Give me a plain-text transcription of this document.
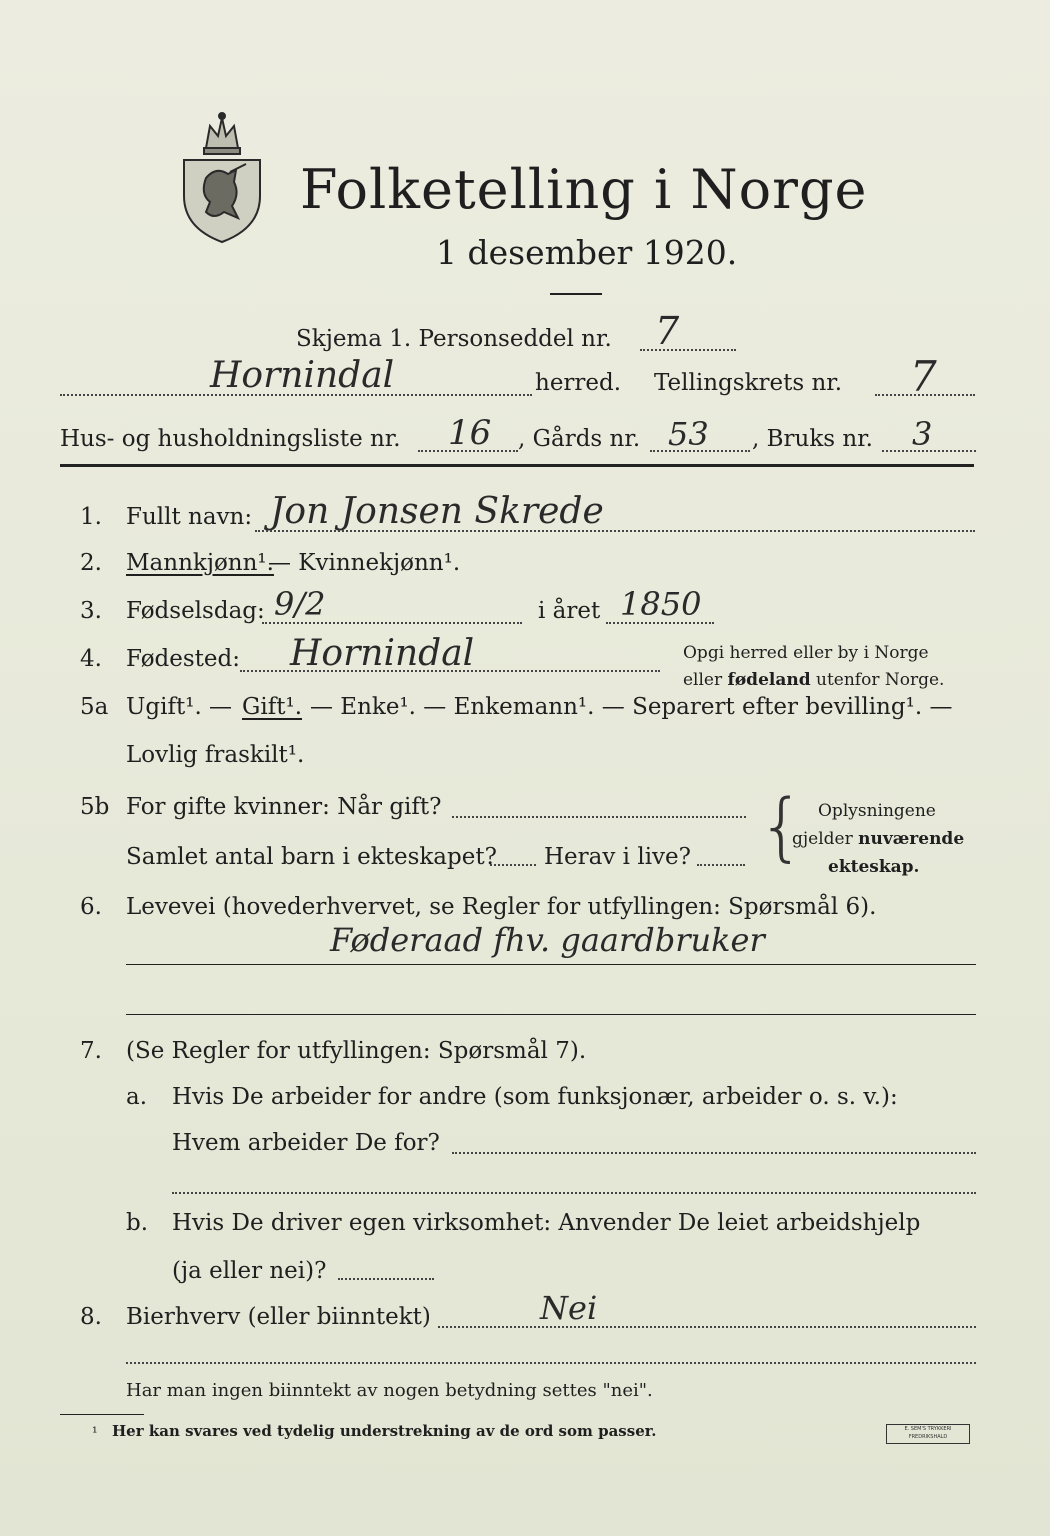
Folketelling i Norge
1 desember 1920.
Skjema 1. Personseddel nr. 7
Hornindal	herred. Tellingskrets nr. 7
Hus- og husholdningsliste nr. 16 , Gårds nr. 53 , Bruks nr. 3
1. Fullt navn: Jon Jonsen Skrede
2. Mannkjønn¹.
— Kvinnekjønn¹.
3. Fødselsdag: 9/2	i året 1850
4. Fødested: Hornindal	Opgi herred eller by i Norge
eller fødeland utenfor Norge.
5a Ugift¹. — Gift¹. — Enke¹. — Enkemann¹. — Separert efter bevilling¹. —
Lovlig fraskilt¹.
5b For gifte kvinner: Når gift?
Samlet antal barn i ekteskapet? Herav i live? { Oplysningene
gjelder nuværende
ekteskap.
6. Levevei (hovederhvervet, se Regler for utfyllingen: Spørsmål 6).
Føderaad fhv. gaardbruker
7. (Se Regler for utfyllingen: Spørsmål 7).
a. Hvis De arbeider for andre (som funksjonær, arbeider o. s. v.):
Hvem arbeider De for?
b. Hvis De driver egen virksomhet: Anvender De leiet arbeidshjelp
(ja eller nei)?
8. Bierhverv (eller biinntekt)	Nei
Har man ingen biinntekt av nogen betydning settes "nei".
¹ Her kan svares ved tydelig understrekning av de ord som passer.	E. SEM'S TRYKKERI FREDRIKSHALD
